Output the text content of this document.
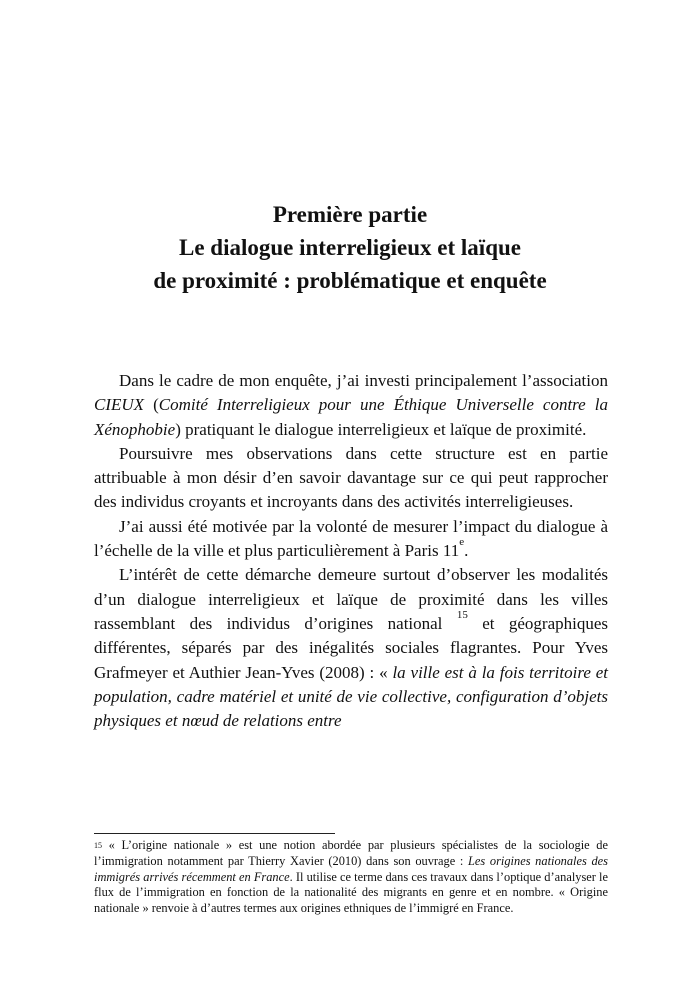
Première partie
Le dialogue interreligieux et laïque
de proximité : problématique et enquête

Dans le cadre de mon enquête, j’ai investi principalement l’association CIEUX (Comité Interreligieux pour une Éthique Universelle contre la Xénophobie) pratiquant le dialogue interreligieux et laïque de proximité.

Poursuivre mes observations dans cette structure est en partie attribuable à mon désir d’en savoir davantage sur ce qui peut rapprocher des individus croyants et incroyants dans des activités interreligieuses.

J’ai aussi été motivée par la volonté de mesurer l’impact du dialogue à l’échelle de la ville et plus particulièrement à Paris 11e.

L’intérêt de cette démarche demeure surtout d’observer les modalités d’un dialogue interreligieux et laïque de proximité dans les villes rassemblant des individus d’origines national $^{15}$ et géographiques différentes, séparés par des inégalités sociales flagrantes. Pour Yves Grafmeyer et Authier Jean-Yves (2008) : « la ville est à la fois territoire et population, cadre matériel et unité de vie collective, configuration d’objets physiques et nœud de relations entre

$^{15}$ « L’origine nationale » est une notion abordée par plusieurs spécialistes de la sociologie de l’immigration notamment par Thierry Xavier (2010) dans son ouvrage : Les origines nationales des immigrés arrivés récemment en France. Il utilise ce terme dans ces travaux dans l’optique d’analyser le flux de l’immigration en fonction de la nationalité des migrants en genre et en nombre. « Origine nationale » renvoie à d’autres termes aux origines ethniques de l’immigré en France.
